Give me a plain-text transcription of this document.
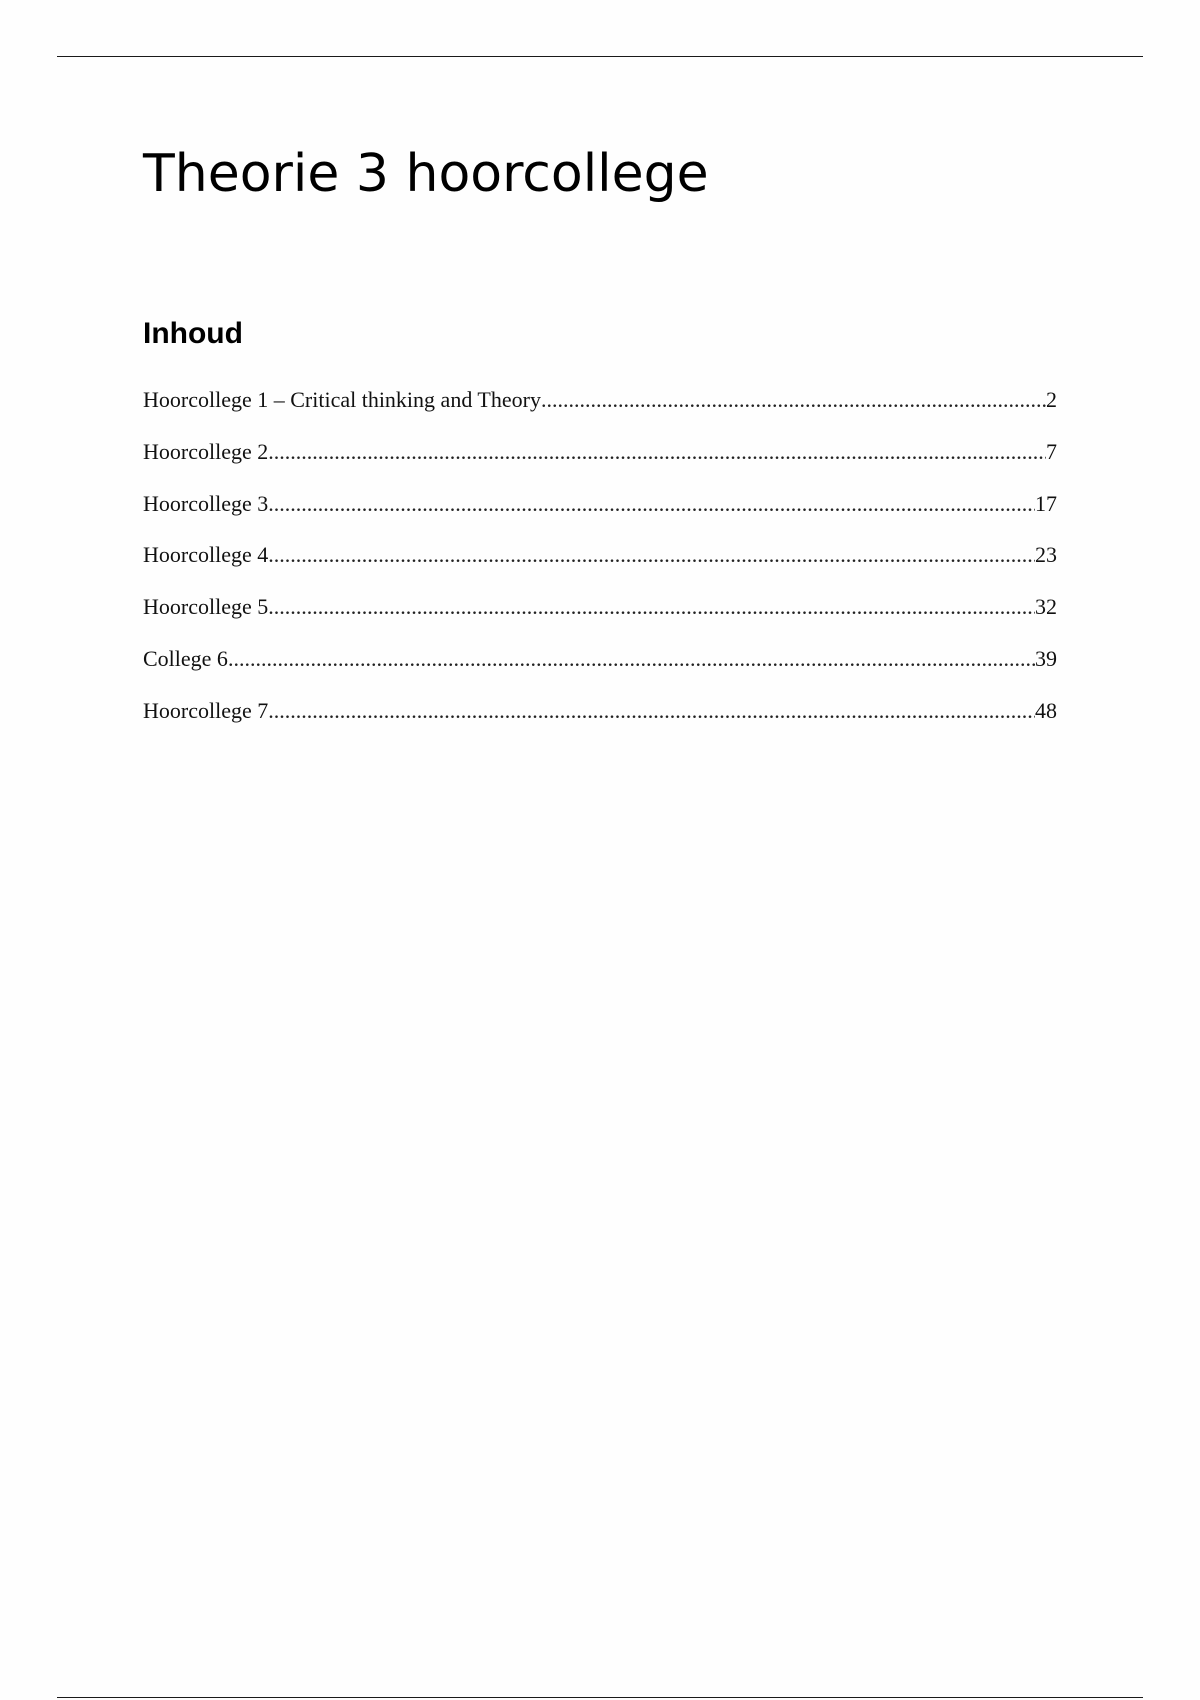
Theorie 3 hoorcollege
Inhoud
Hoorcollege 1 – Critical thinking and Theory .....	2
Hoorcollege 2 .....	7
Hoorcollege 3 .....	17
Hoorcollege 4 .....	23
Hoorcollege 5 .....	32
College 6 .....	39
Hoorcollege 7 .....	48
